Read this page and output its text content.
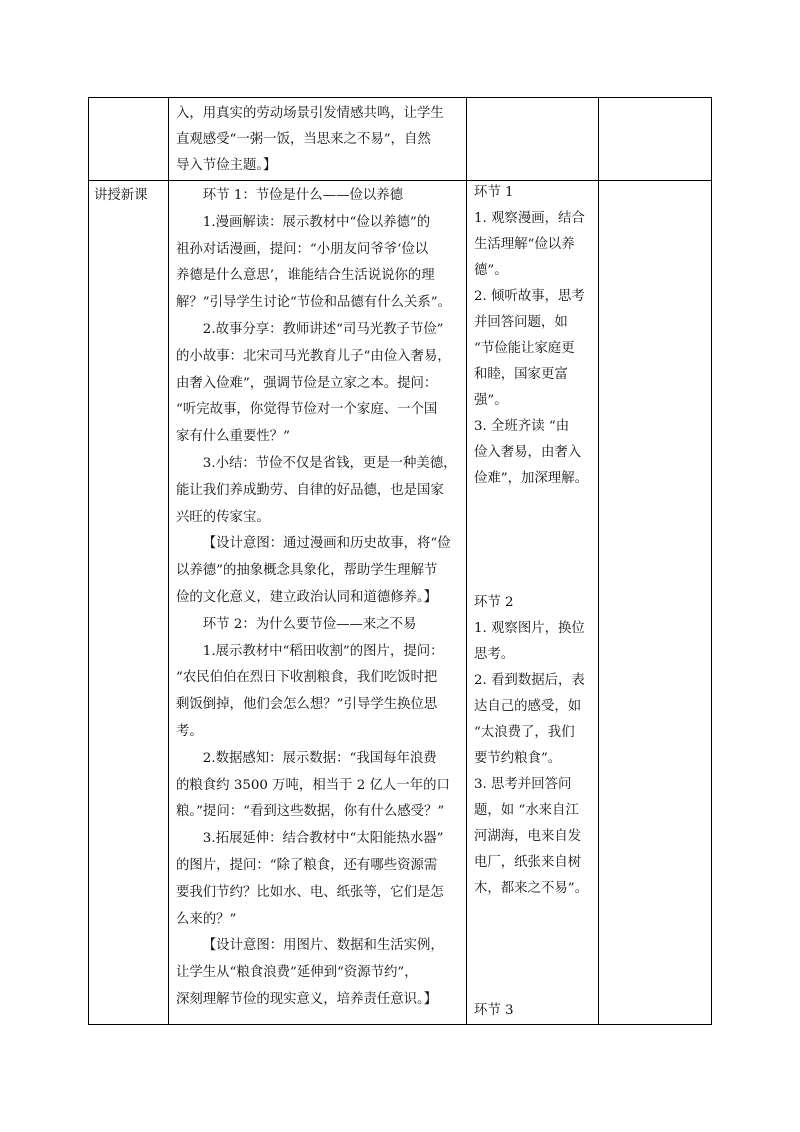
入，用真实的劳动场景引发情感共鸣，让学生

直观感受“一粥一饭，当思来之不易”，自然

导入节俭主题。】

讲授新课	环节 1：节俭是什么——俭以养德

1.漫画解读：展示教材中“俭以养德”的

祖孙对话漫画，提问：“小朋友问爷爷‘俭以

养德是什么意思’，谁能结合生活说说你的理

解？”引导学生讨论“节俭和品德有什么关系”。

2.故事分享：教师讲述“司马光教子节俭”

的小故事：北宋司马光教育儿子“由俭入奢易，

由奢入俭难”，强调节俭是立家之本。提问：

“听完故事，你觉得节俭对一个家庭、一个国

家有什么重要性？”

3.小结：节俭不仅是省钱，更是一种美德，

能让我们养成勤劳、自律的好品德，也是国家

兴旺的传家宝。

【设计意图：通过漫画和历史故事，将“俭

以养德”的抽象概念具象化，帮助学生理解节

俭的文化意义，建立政治认同和道德修养。】

环节 2：为什么要节俭——来之不易

1.展示教材中“稻田收割”的图片，提问：

“农民伯伯在烈日下收割粮食，我们吃饭时把

剩饭倒掉，他们会怎么想？”引导学生换位思

考。

2.数据感知：展示数据：“我国每年浪费

的粮食约 3500 万吨，相当于 2 亿人一年的口

粮。”提问：“看到这些数据，你有什么感受？”

3.拓展延伸：结合教材中“太阳能热水器”

的图片，提问：“除了粮食，还有哪些资源需

要我们节约？比如水、电、纸张等，它们是怎

么来的？”

【设计意图：用图片、数据和生活实例，

让学生从“粮食浪费”延伸到“资源节约”，

深刻理解节俭的现实意义，培养责任意识。】

环节 1

1. 观察漫画，结合

生活理解“俭以养

德”。

2. 倾听故事，思考

并回答问题，如

“节俭能让家庭更

和睦，国家更富

强”。

3. 全班齐读 “由

俭入奢易，由奢入

俭难”，加深理解。

环节 2

1. 观察图片，换位

思考。

2. 看到数据后，表

达自己的感受，如

“太浪费了，我们

要节约粮食”。

3. 思考并回答问

题，如 “水来自江

河湖海，电来自发

电厂，纸张来自树

木，都来之不易”。

环节 3
